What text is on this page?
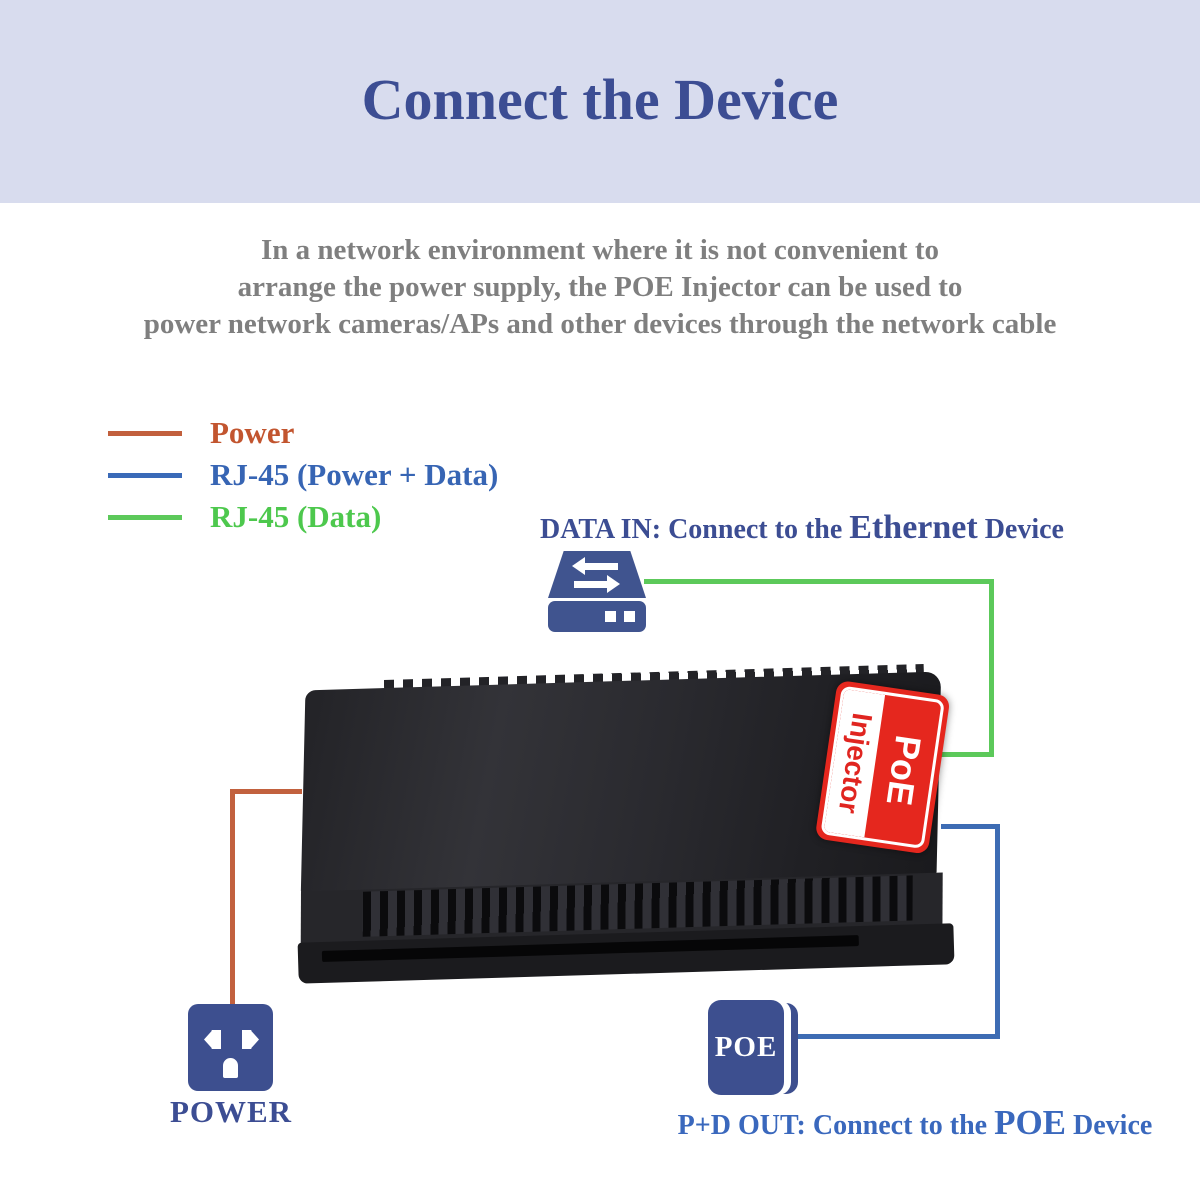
Connect the Device
In a network environment where it is not convenient to
arrange the power supply, the POE Injector can be used to
power network cameras/APs and other devices through the network cable
Power
RJ-45 (Power + Data)
RJ-45 (Data)	DATA IN: Connect to the Ethernet Device
PoE
Injector
POWER
POE
P+D OUT: Connect to the POE Device
